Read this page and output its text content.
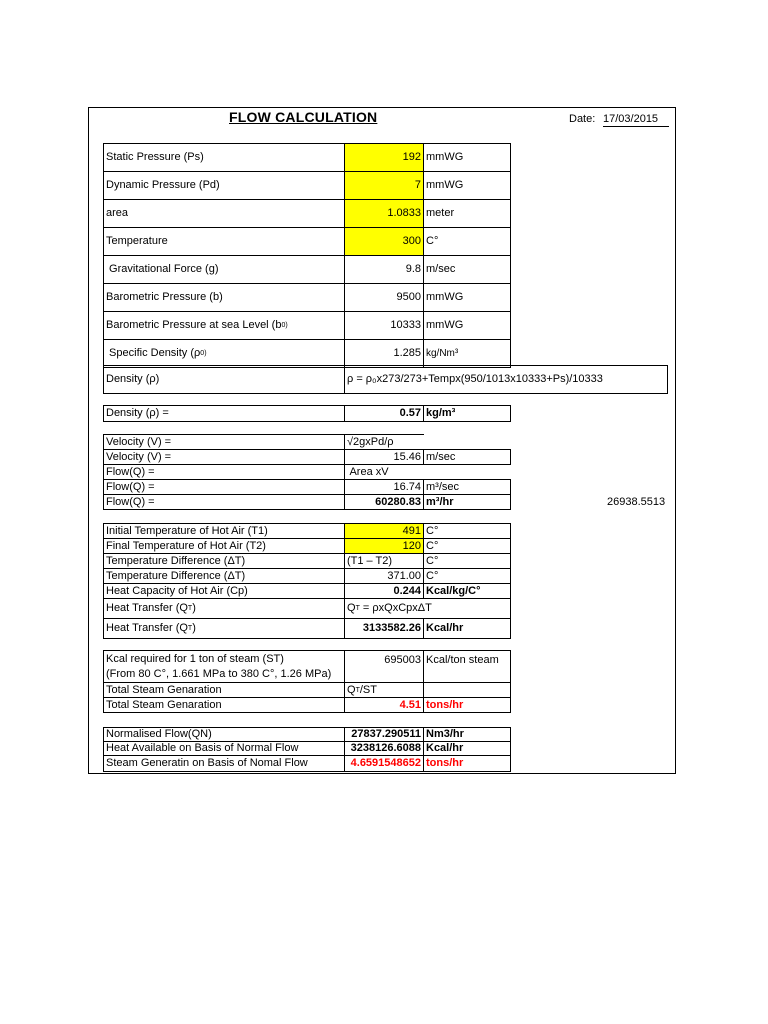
FLOW CALCULATION	Date: 17/03/2015
Static Pressure (Ps)	192 mmWG
Dynamic Pressure (Pd)	7 mmWG
area	1.0833 meter
Temperature	300 C°
Gravitational Force (g)	9.8 m/sec
Barometric Pressure (b)	9500 mmWG
Barometric Pressure at sea Level (b 0)	10333 mmWG
Specific Density (ρ 0)	1.285 kg/Nm³
Density (ρ)	ρ = ρ₀x273/273+Tempx(950/1013x10333+Ps)/10333
Density (ρ) =	0.57 kg/m³
Velocity (V) =	√2gxPd/ρ
Velocity (V) =	15.46 m/sec
Flow(Q) =	Area xV
Flow(Q) =	16.74 m³/sec
Flow(Q) =	60280.83 m³/hr	26938.5513
Initial Temperature of Hot Air (T1)	491 C°
Final Temperature of Hot Air (T2)	120 C°
Temperature Difference (ΔT)	(T1 – T2)	C°
Temperature Difference (ΔT)	371.00 C°
Heat Capacity of Hot Air (Cp)	0.244 Kcal/kg/C°
Heat Transfer (Q T )	Q T = ρxQxCpxΔT
Heat Transfer (Q T )	3133582.26 Kcal/hr
Kcal required for 1 ton of steam (ST)
(From 80 C°, 1.661 MPa to 380 C°, 1.26 MPa)
695003 Kcal/ton steam
Total Steam Genaration	Q T /ST
Total Steam Genaration	4.51 tons/hr
Normalised Flow(QN)	27837.290511 Nm3/hr
Heat Available on Basis of Normal Flow	3238126.6088 Kcal/hr
Steam Generatin on Basis of Nomal Flow	4.6591548652 tons/hr
